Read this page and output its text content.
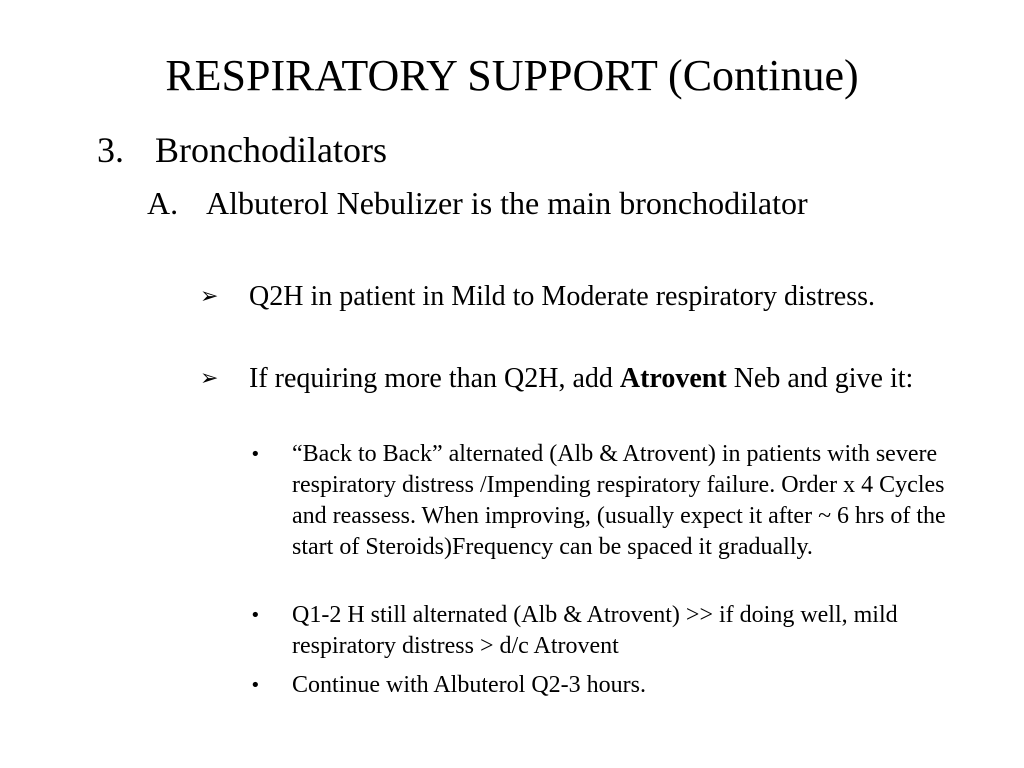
RESPIRATORY SUPPORT (Continue)
3. Bronchodilators
A. Albuterol Nebulizer is the main bronchodilator
➢	Q2H in patient in Mild to Moderate respiratory distress.
➢	If requiring more than Q2H, add Atrovent Neb and give it:
•	“Back to Back” alternated (Alb & Atrovent) in patients with severe respiratory distress /Impending respiratory failure. Order x 4 Cycles and reassess. When improving, (usually expect it after ~ 6 hrs of the start of Steroids)Frequency can be spaced it gradually.
•	Q1-2 H still alternated (Alb & Atrovent) >> if doing well, mild respiratory distress > d/c Atrovent
•	Continue with Albuterol Q2-3 hours.
